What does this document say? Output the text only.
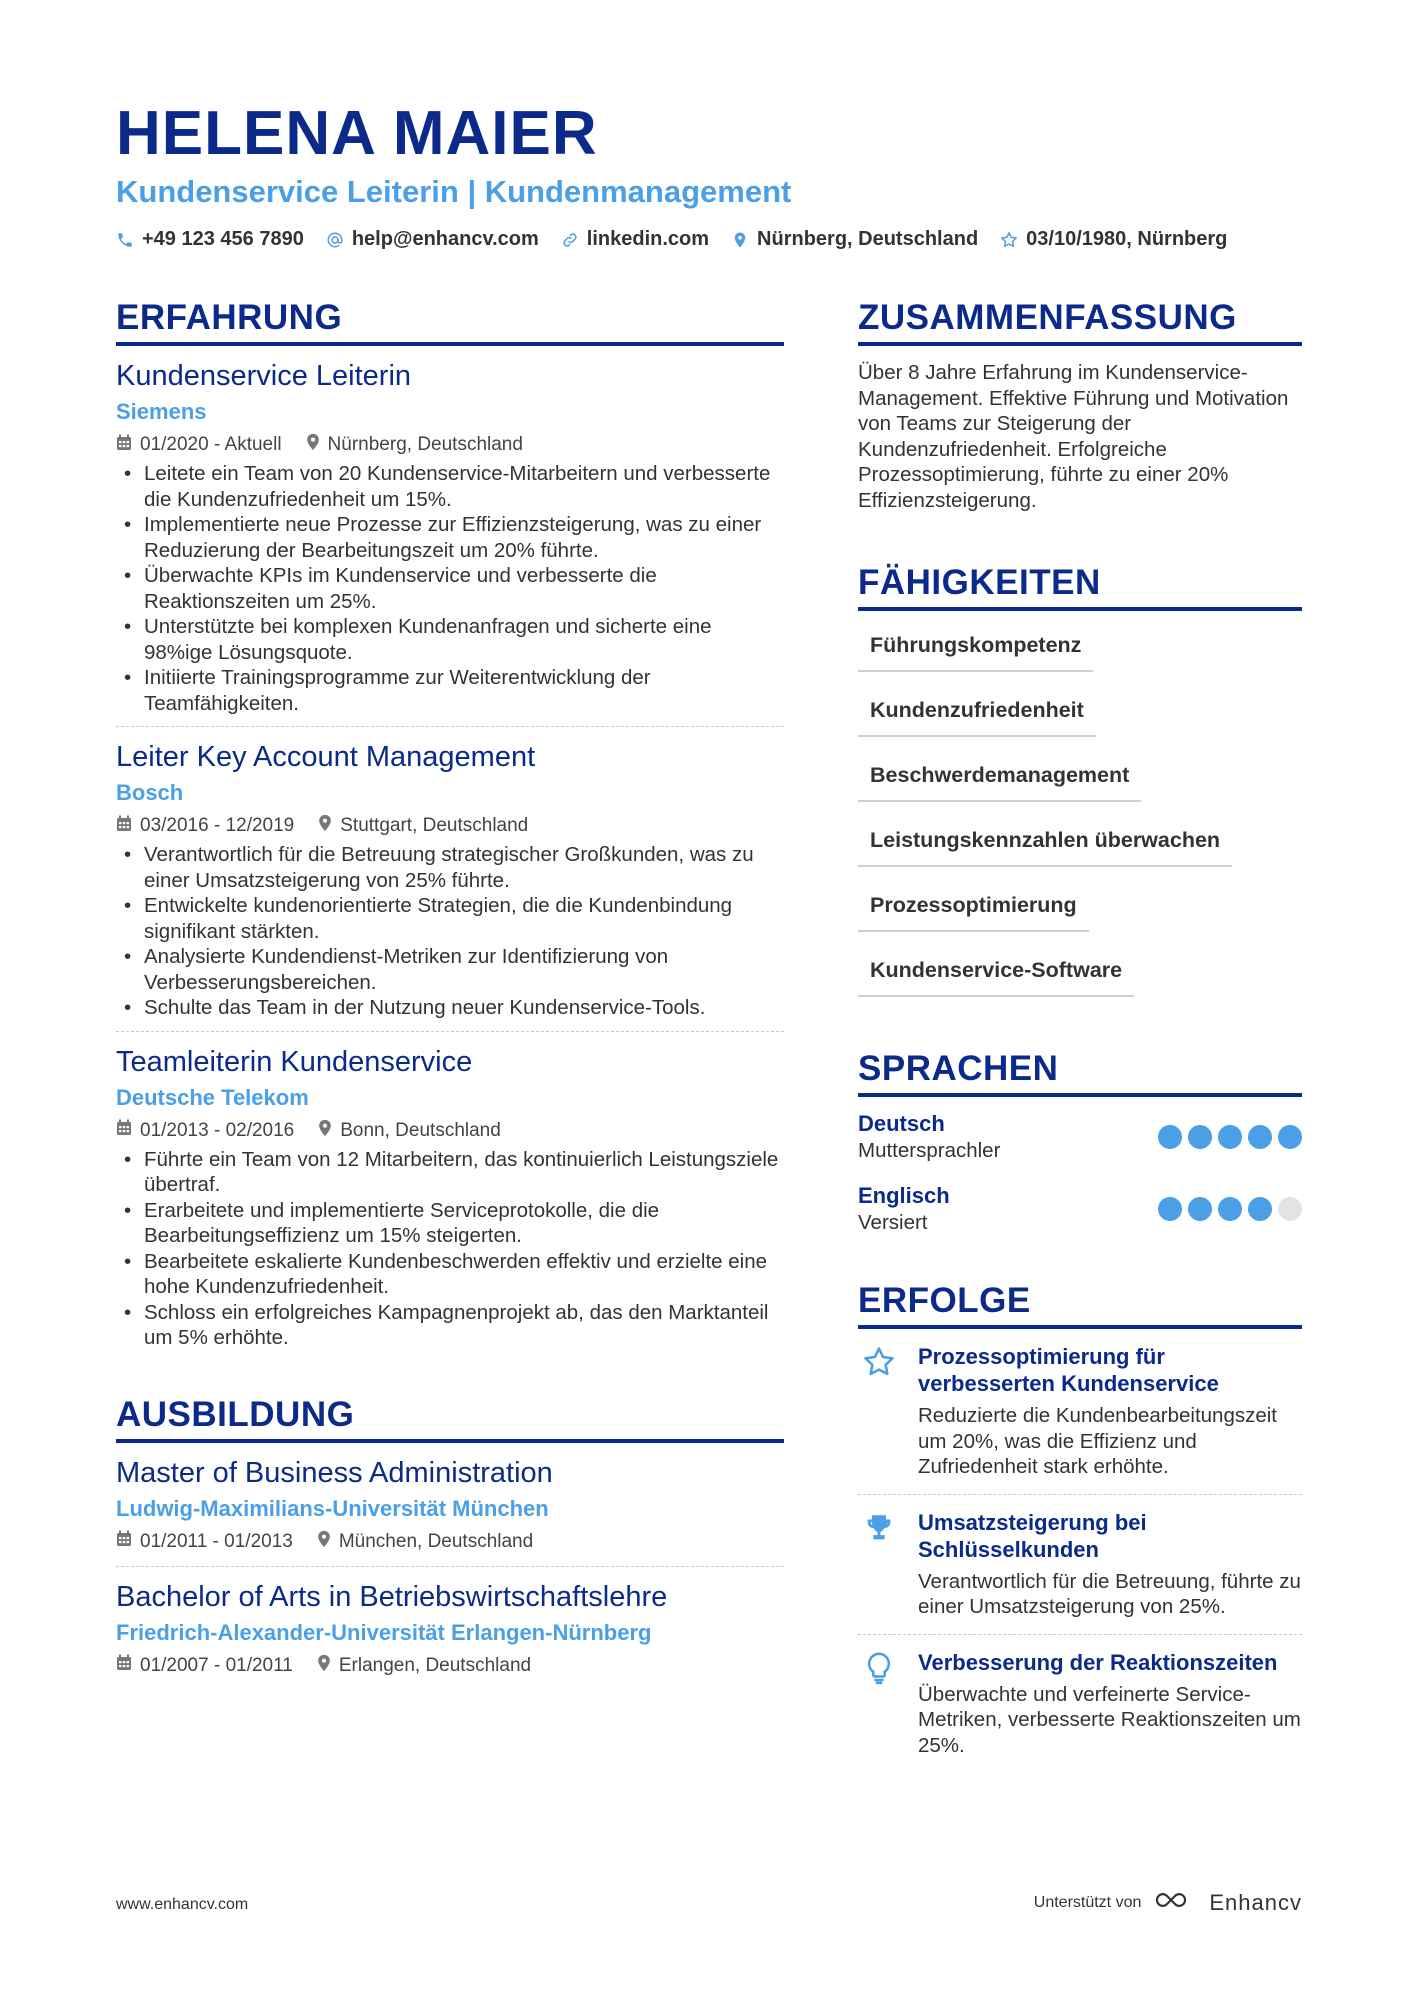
HELENA MAIER
Kundenservice Leiterin | Kundenmanagement
+49 123 456 7890 help@enhancv.com linkedin.com Nürnberg, Deutschland 03/10/1980, Nürnberg
ERFAHRUNG
Kundenservice Leiterin
Siemens
01/2020 - Aktuell Nürnberg, Deutschland
• Leitete ein Team von 20 Kundenservice-Mitarbeitern und verbesserte die Kundenzufriedenheit um 15%.
• Implementierte neue Prozesse zur Effizienzsteigerung, was zu einer Reduzierung der Bearbeitungszeit um 20% führte.
• Überwachte KPIs im Kundenservice und verbesserte die Reaktionszeiten um 25%.
• Unterstützte bei komplexen Kundenanfragen und sicherte eine 98%ige Lösungsquote.
• Initiierte Trainingsprogramme zur Weiterentwicklung der Teamfähigkeiten.
Leiter Key Account Management
Bosch
03/2016 - 12/2019 Stuttgart, Deutschland
• Verantwortlich für die Betreuung strategischer Großkunden, was zu einer Umsatzsteigerung von 25% führte.
• Entwickelte kundenorientierte Strategien, die die Kundenbindung signifikant stärkten.
• Analysierte Kundendienst-Metriken zur Identifizierung von Verbesserungsbereichen.
• Schulte das Team in der Nutzung neuer Kundenservice-Tools.
Teamleiterin Kundenservice
Deutsche Telekom
01/2013 - 02/2016 Bonn, Deutschland
• Führte ein Team von 12 Mitarbeitern, das kontinuierlich Leistungsziele übertraf.
• Erarbeitete und implementierte Serviceprotokolle, die die Bearbeitungseffizienz um 15% steigerten.
• Bearbeitete eskalierte Kundenbeschwerden effektiv und erzielte eine hohe Kundenzufriedenheit.
• Schloss ein erfolgreiches Kampagnenprojekt ab, das den Marktanteil um 5% erhöhte.
AUSBILDUNG
Master of Business Administration
Ludwig-Maximilians-Universität München
01/2011 - 01/2013 München, Deutschland
Bachelor of Arts in Betriebswirtschaftslehre
Friedrich-Alexander-Universität Erlangen-Nürnberg
01/2007 - 01/2011 Erlangen, Deutschland
ZUSAMMENFASSUNG
Über 8 Jahre Erfahrung im Kundenservice-Management. Effektive Führung und Motivation von Teams zur Steigerung der Kundenzufriedenheit. Erfolgreiche Prozessoptimierung, führte zu einer 20% Effizienzsteigerung.
FÄHIGKEITEN
Führungskompetenz
Kundenzufriedenheit
Beschwerdemanagement
Leistungskennzahlen überwachen
Prozessoptimierung
Kundenservice-Software
SPRACHEN
Deutsch
Muttersprachler
Englisch
Versiert
ERFOLGE
Prozessoptimierung für verbesserten Kundenservice
Reduzierte die Kundenbearbeitungszeit um 20%, was die Effizienz und Zufriedenheit stark erhöhte.
Umsatzsteigerung bei Schlüsselkunden
Verantwortlich für die Betreuung, führte zu einer Umsatzsteigerung von 25%.
Verbesserung der Reaktionszeiten
Überwachte und verfeinerte Service-Metriken, verbesserte Reaktionszeiten um 25%.
www.enhancv.com	Unterstützt von	Enhancv
